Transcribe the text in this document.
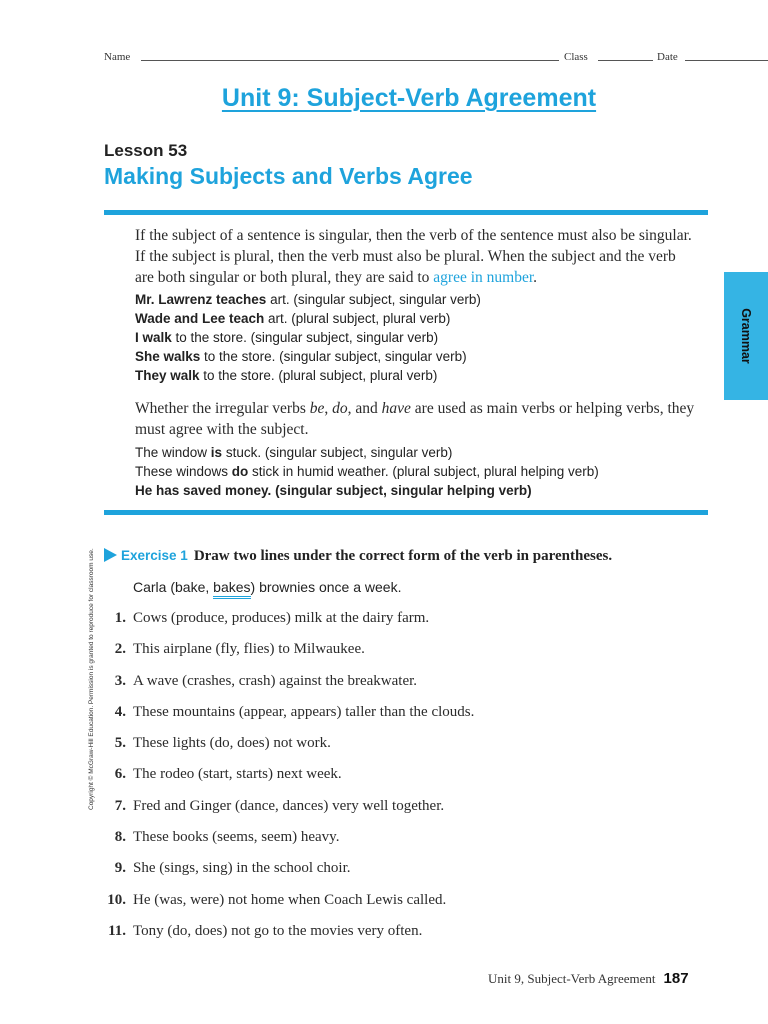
Name	Class	Date
Unit 9: Subject-Verb Agreement
Lesson 53
Making Subjects and Verbs Agree
If the subject of a sentence is singular, then the verb of the sentence must also be singular. If the subject is plural, then the verb must also be plural. When the subject and the verb are both singular or both plural, they are said to agree in number.
Mr. Lawrenz teaches art. (singular subject, singular verb)
Wade and Lee teach art. (plural subject, plural verb)
I walk to the store. (singular subject, singular verb)
She walks to the store. (singular subject, singular verb)
They walk to the store. (plural subject, plural verb)
Whether the irregular verbs be, do, and have are used as main verbs or helping verbs, they must agree with the subject.
The window is stuck. (singular subject, singular verb)
These windows do stick in humid weather. (plural subject, plural helping verb)
He has saved money. (singular subject, singular helping verb)
Grammar
Copyright © McGraw-Hill Education. Permission is granted to reproduce for classroom use.	Exercise 1 Draw two lines under the correct form of the verb in parentheses.
Carla (bake, bakes) brownies once a week.
1. Cows (produce, produces) milk at the dairy farm.
2. This airplane (fly, flies) to Milwaukee.
3. A wave (crashes, crash) against the breakwater.
4. These mountains (appear, appears) taller than the clouds.
5. These lights (do, does) not work.
6. The rodeo (start, starts) next week.
7. Fred and Ginger (dance, dances) very well together.
8. These books (seems, seem) heavy.
9. She (sings, sing) in the school choir.
10. He (was, were) not home when Coach Lewis called.
11. Tony (do, does) not go to the movies very often.
Unit 9, Subject-Verb Agreement 187
